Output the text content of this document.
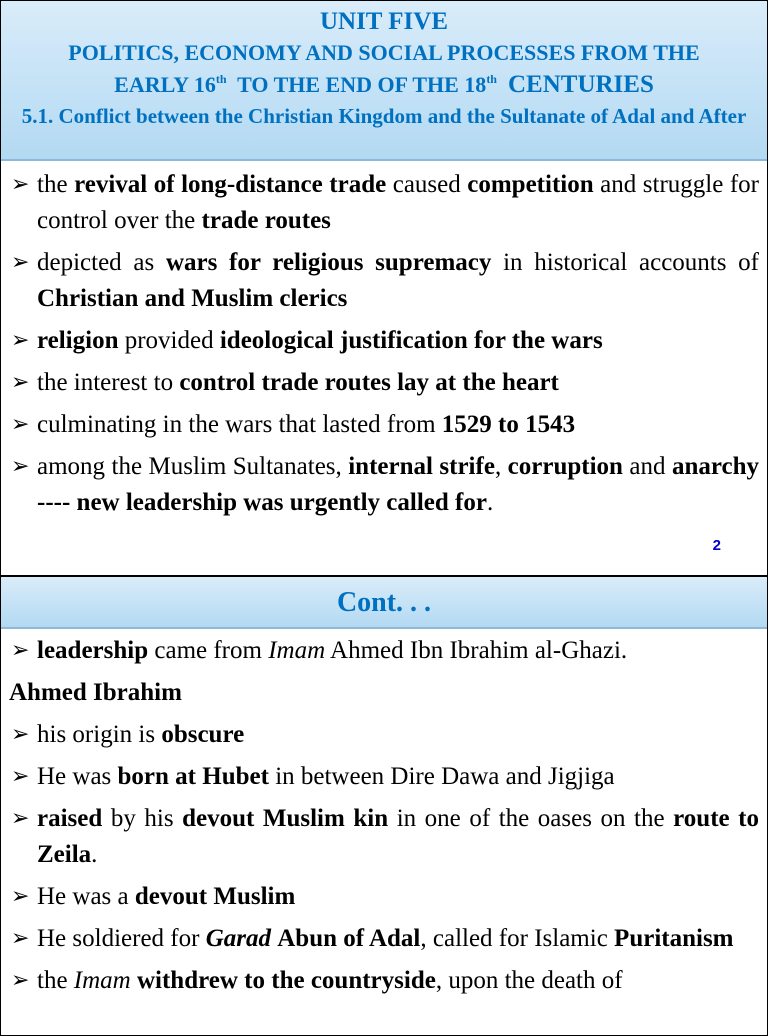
UNIT FIVE
POLITICS, ECONOMY AND SOCIAL PROCESSES FROM THE
EARLY 16th TO THE END OF THE 18th CENTURIES
5.1. Conflict between the Christian Kingdom and the Sultanate of Adal and After
➢ the revival of long-distance trade caused competition and struggle for control over the trade routes
➢ depicted as wars for religious supremacy in historical accounts of Christian and Muslim clerics
➢ religion provided ideological justification for the wars
➢ the interest to control trade routes lay at the heart
➢ culminating in the wars that lasted from 1529 to 1543
➢ among the Muslim Sultanates, internal strife, corruption and anarchy ---- new leadership was urgently called for.
2
Cont. . .
➢ leadership came from Imam Ahmed Ibn Ibrahim al-Ghazi.
Ahmed Ibrahim
➢ his origin is obscure
➢ He was born at Hubet in between Dire Dawa and Jigjiga
➢ raised by his devout Muslim kin in one of the oases on the route to Zeila.
➢ He was a devout Muslim
➢ He soldiered for Garad Abun of Adal, called for Islamic Puritanism
➢ the Imam withdrew to the countryside, upon the death of
